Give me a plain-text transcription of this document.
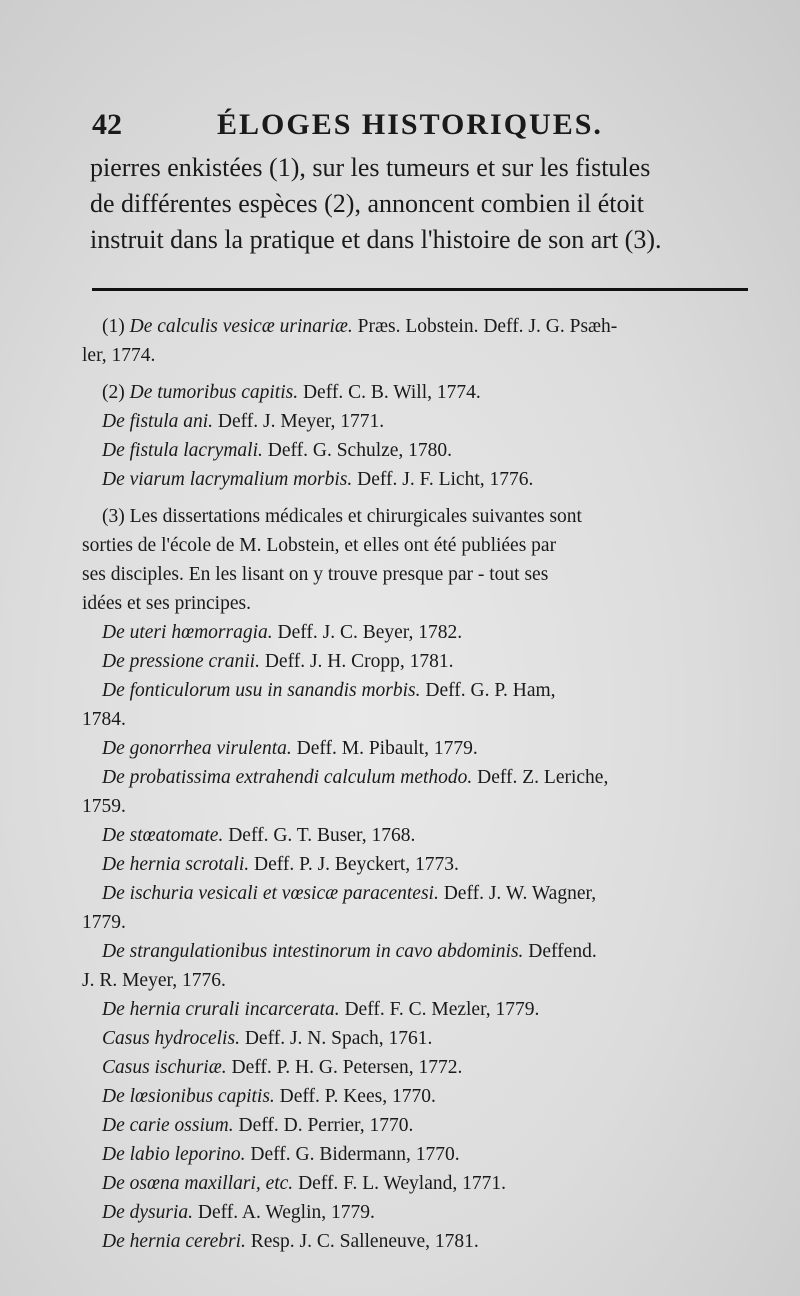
42	ÉLOGES HISTORIQUES.
pierres enkistées (1), sur les tumeurs et sur les fistules
de différentes espèces (2), annoncent combien il étoit
instruit dans la pratique et dans l'histoire de son art (3).
(1) De calculis vesicæ urinariæ. Præs. Lobstein. Deff. J. G. Psæh-
ler, 1774.
(2) De tumoribus capitis. Deff. C. B. Will, 1774.
De fistula ani. Deff. J. Meyer, 1771.
De fistula lacrymali. Deff. G. Schulze, 1780.
De viarum lacrymalium morbis. Deff. J. F. Licht, 1776.
(3) Les dissertations médicales et chirurgicales suivantes sont
sorties de l'école de M. Lobstein, et elles ont été publiées par
ses disciples. En les lisant on y trouve presque par - tout ses
idées et ses principes.
De uteri hœmorragia. Deff. J. C. Beyer, 1782.
De pressione cranii. Deff. J. H. Cropp, 1781.
De fonticulorum usu in sanandis morbis. Deff. G. P. Ham,
1784.
De gonorrhea virulenta. Deff. M. Pibault, 1779.
De probatissima extrahendi calculum methodo. Deff. Z. Leriche,
1759.
De stœatomate. Deff. G. T. Buser, 1768.
De hernia scrotali. Deff. P. J. Beyckert, 1773.
De ischuria vesicali et vœsicæ paracentesi. Deff. J. W. Wagner,
1779.
De strangulationibus intestinorum in cavo abdominis. Deffend.
J. R. Meyer, 1776.
De hernia crurali incarcerata. Deff. F. C. Mezler, 1779.
Casus hydrocelis. Deff. J. N. Spach, 1761.
Casus ischuriæ. Deff. P. H. G. Petersen, 1772.
De lœsionibus capitis. Deff. P. Kees, 1770.
De carie ossium. Deff. D. Perrier, 1770.
De labio leporino. Deff. G. Bidermann, 1770.
De osœna maxillari, etc. Deff. F. L. Weyland, 1771.
De dysuria. Deff. A. Weglin, 1779.
De hernia cerebri. Resp. J. C. Salleneuve, 1781.
